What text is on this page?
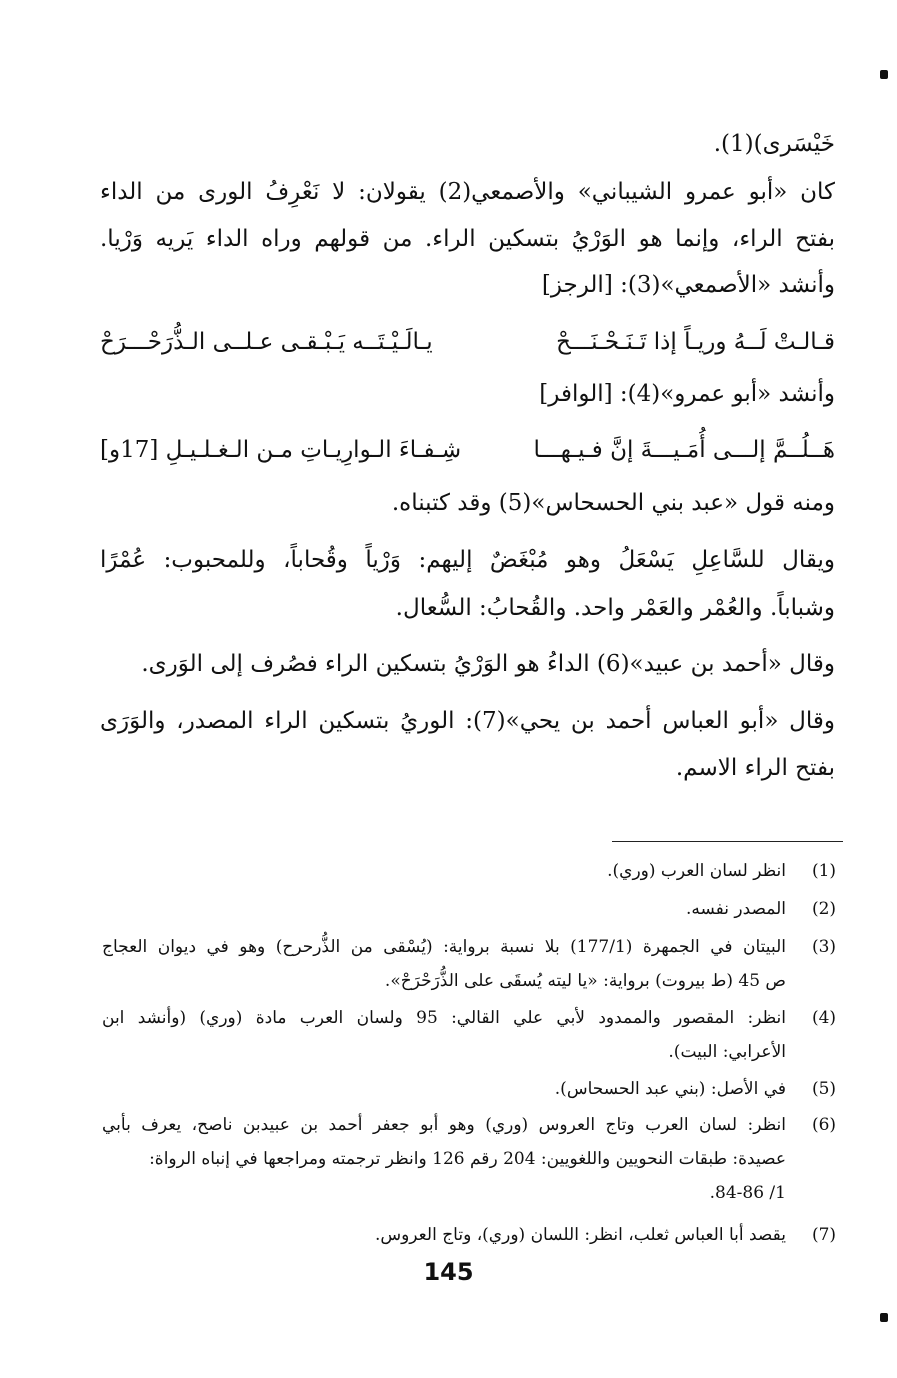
خَيْسَرى)(1).
كان «أبو عمرو الشيباني» والأصمعي(2) يقولان: لا نَعْرِفُ الورى من الداء
بفتح الراء، وإنما هو الوَرْيُ بتسكين الراء. من قولهم وراه الداء يَريه وَرْيا.
وأنشد «الأصمعي»(3): [الرجز]
قـالـتْ لَــهُ وريـاً إذا تَـنَـحْـنَـــحْ
يـالَـيْـتَــه يَـبْـقـى عـلــى الـذُّرَحْـــرَحْ
وأنشد «أبو عمرو»(4): [الوافر]
هَــلُــمَّ إلـــى أُمَـيـــةَ إنَّ فـيـهـــا
شِـفـاءَ الـوارِيـاتِ مـن الـغـلـيـلِ [17و]
ومنه قول «عبد بني الحسحاس»(5) وقد كتبناه.
ويقال للسَّاعِلِ يَسْعَلُ وهو مُبْغَضٌ إليهم: وَرْياً وقُحاباً، وللمحبوب: عُمْرًا
وشباباً. والعُمْر والعَمْر واحد. والقُحابُ: السُّعال.
وقال «أحمد بن عبيد»(6) الداءُ هو الوَرْيُ بتسكين الراء فصُرف إلى الوَرى.
وقال «أبو العباس أحمد بن يحي»(7): الوريُ بتسكين الراء المصدر، والوَرَى
بفتح الراء الاسم.
(1)
انظر لسان العرب (وري).
(2)
المصدر نفسه.
(3)
البيتان في الجمهرة (177/1) بلا نسبة برواية: (يُسْقى من الذُّرحرح) وهو في ديوان العجاج
ص 45 (ط بيروت) برواية: «يا ليته يُسقَى على الذُّرَحْرَحْ».
(4)
انظر: المقصور والممدود لأبي علي القالي: 95 ولسان العرب مادة (وري) (وأنشد ابن
الأعرابي: البيت).
(5)
في الأصل: (بني عبد الحسحاس).
(6)
انظر: لسان العرب وتاج العروس (وري) وهو أبو جعفر أحمد بن عبيدبن ناصح، يعرف بأبي
عصيدة: طبقات النحويين واللغويين: 204 رقم 126 وانظر ترجمته ومراجعها في إنباه الرواة:
1/ 84-86.
(7)
يقصد أبا العباس ثعلب، انظر: اللسان (وري)، وتاج العروس.
145
